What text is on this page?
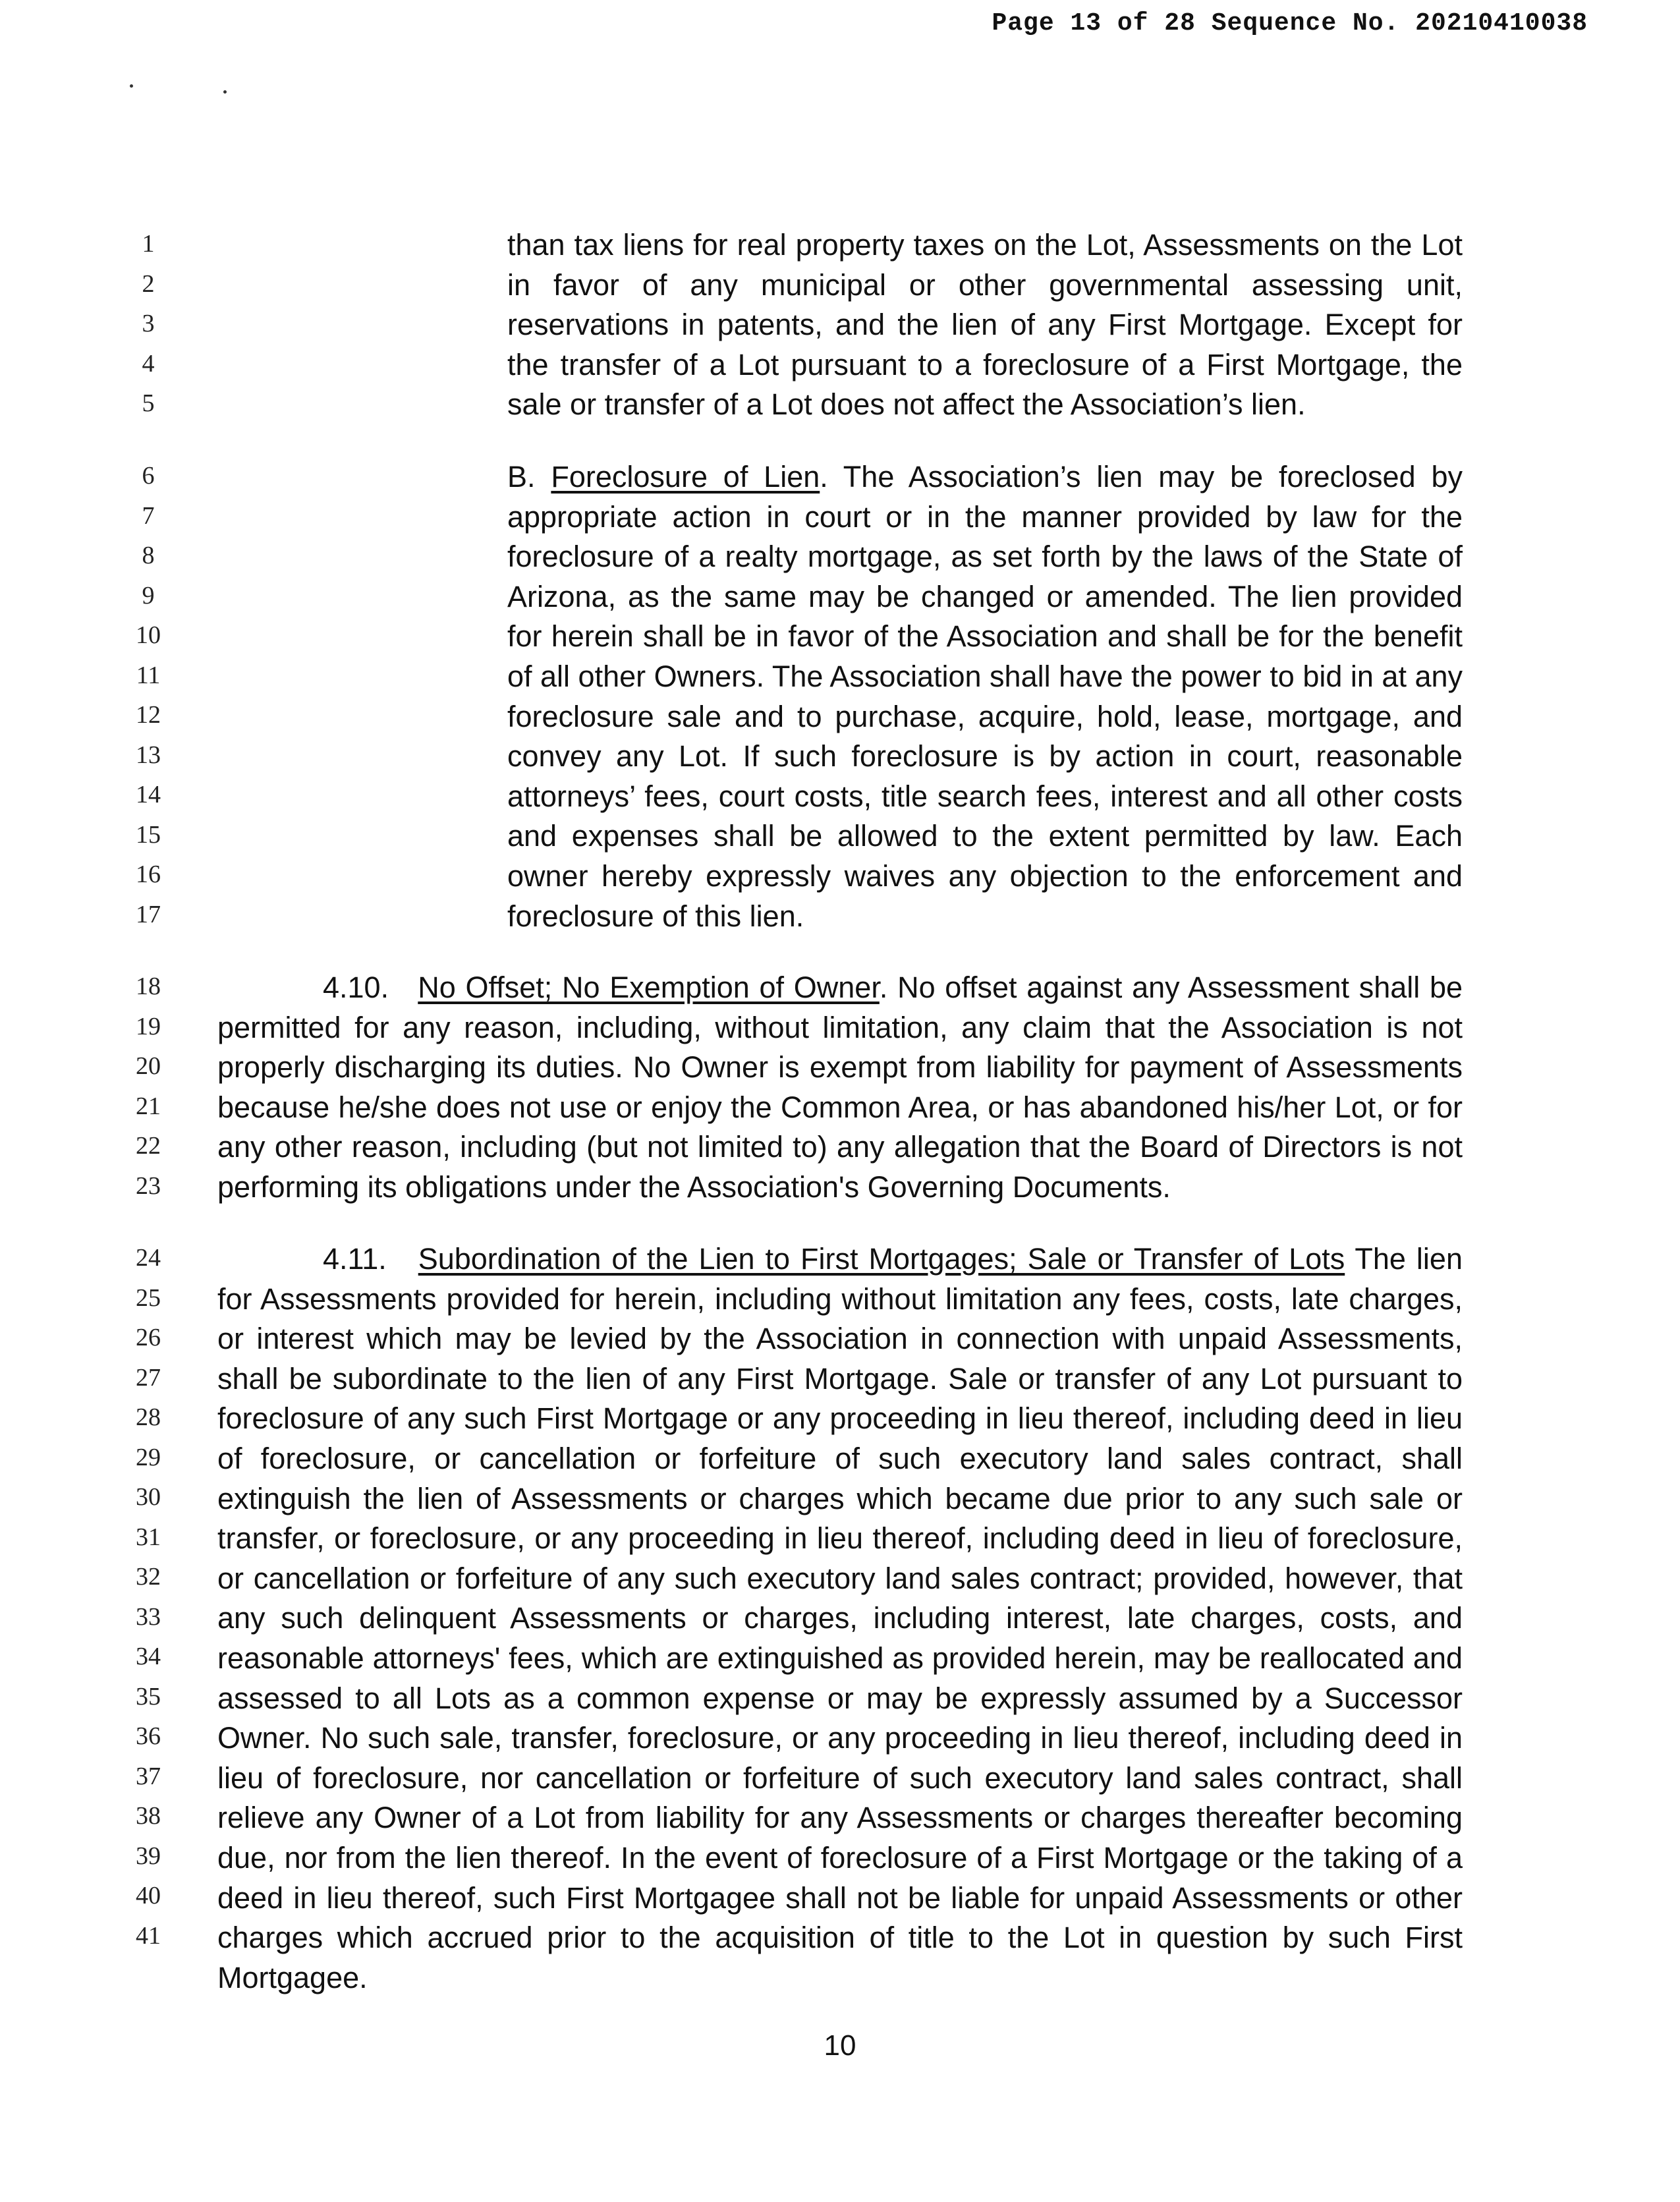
Page 13 of 28 Sequence No. 20210410038
1
2
3
4
5
6
7
8
9
10
11
12
13
14
15
16
17
18
19
20
21
22
23
24
25
26
27
28
29
30
31
32
33
34
35
36
37
38
39
40
41

than tax liens for real property taxes on the Lot, Assessments on the Lot in favor of any municipal or other governmental assessing unit, reservations in patents, and the lien of any First Mortgage. Except for the transfer of a Lot pursuant to a foreclosure of a First Mortgage, the sale or transfer of a Lot does not affect the Association’s lien.

B. Foreclosure of Lien. The Association’s lien may be foreclosed by appropriate action in court or in the manner provided by law for the foreclosure of a realty mortgage, as set forth by the laws of the State of Arizona, as the same may be changed or amended. The lien provided for herein shall be in favor of the Association and shall be for the benefit of all other Owners. The Association shall have the power to bid in at any foreclosure sale and to purchase, acquire, hold, lease, mortgage, and convey any Lot. If such foreclosure is by action in court, reasonable attorneys’ fees, court costs, title search fees, interest and all other costs and expenses shall be allowed to the extent permitted by law. Each owner hereby expressly waives any objection to the enforcement and foreclosure of this lien.

4.10. No Offset; No Exemption of Owner. No offset against any Assessment shall be permitted for any reason, including, without limitation, any claim that the Association is not properly discharging its duties. No Owner is exempt from liability for payment of Assessments because he/she does not use or enjoy the Common Area, or has abandoned his/her Lot, or for any other reason, including (but not limited to) any allegation that the Board of Directors is not performing its obligations under the Association's Governing Documents.

4.11. Subordination of the Lien to First Mortgages; Sale or Transfer of Lots The lien for Assessments provided for herein, including without limitation any fees, costs, late charges, or interest which may be levied by the Association in connection with unpaid Assessments, shall be subordinate to the lien of any First Mortgage. Sale or transfer of any Lot pursuant to foreclosure of any such First Mortgage or any proceeding in lieu thereof, including deed in lieu of foreclosure, or cancellation or forfeiture of such executory land sales contract, shall extinguish the lien of Assessments or charges which became due prior to any such sale or transfer, or foreclosure, or any proceeding in lieu thereof, including deed in lieu of foreclosure, or cancellation or forfeiture of any such executory land sales contract; provided, however, that any such delinquent Assessments or charges, including interest, late charges, costs, and reasonable attorneys' fees, which are extinguished as provided herein, may be reallocated and assessed to all Lots as a common expense or may be expressly assumed by a Successor Owner. No such sale, transfer, foreclosure, or any proceeding in lieu thereof, including deed in lieu of foreclosure, nor cancellation or forfeiture of such executory land sales contract, shall relieve any Owner of a Lot from liability for any Assessments or charges thereafter becoming due, nor from the lien thereof. In the event of foreclosure of a First Mortgage or the taking of a deed in lieu thereof, such First Mortgagee shall not be liable for unpaid Assessments or other charges which accrued prior to the acquisition of title to the Lot in question by such First Mortgagee.

10
